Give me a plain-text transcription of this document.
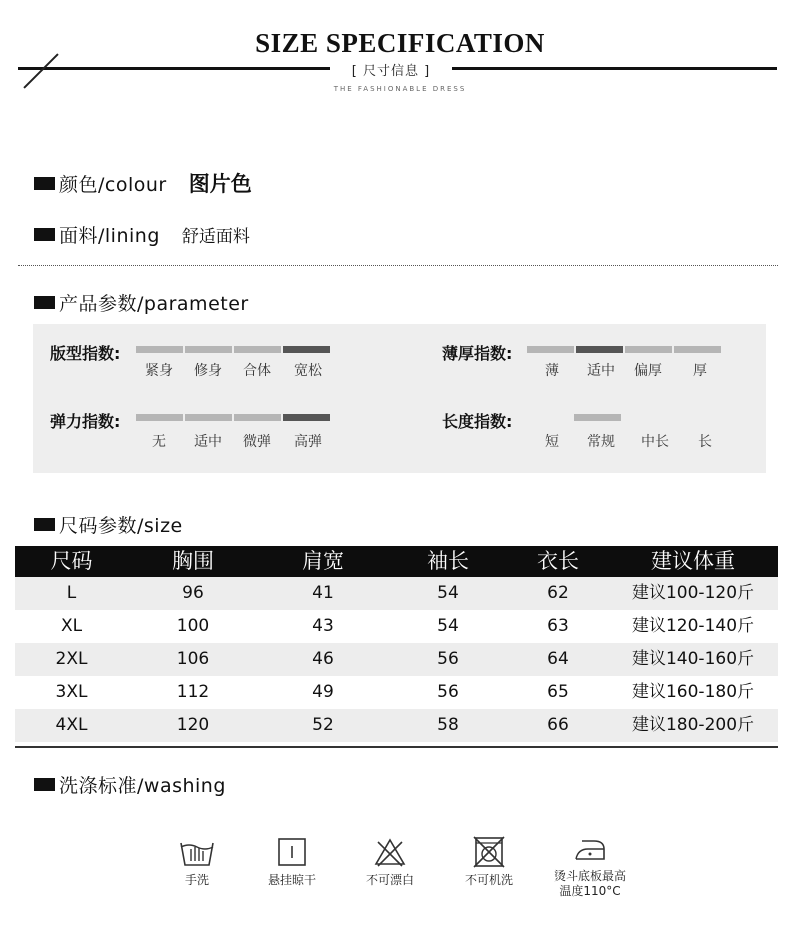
SIZE SPECIFICATION
[ 尺寸信息 ]
THE FASHIONABLE DRESS
颜色/colour 图片色
面料/lining 舒适面料
产品参数/parameter
版型指数:
紧身	修身	合体	宽松
薄厚指数:
薄	适中	偏厚	厚
弹力指数:
无	适中	微弹	高弹
长度指数:
短	常规	中长	长
尺码参数/size
尺码	胸围	肩宽	袖长	衣长	建议体重
L	96	41	54	62	建议100-120斤
XL	100	43	54	63	建议120-140斤
2XL	106	46	56	64	建议140-160斤
3XL	112	49	56	65	建议160-180斤
4XL	120	52	58	66	建议180-200斤
洗涤标准/washing
手洗	悬挂晾干	不可漂白	不可机洗	烫斗底板最高
温度110°C
